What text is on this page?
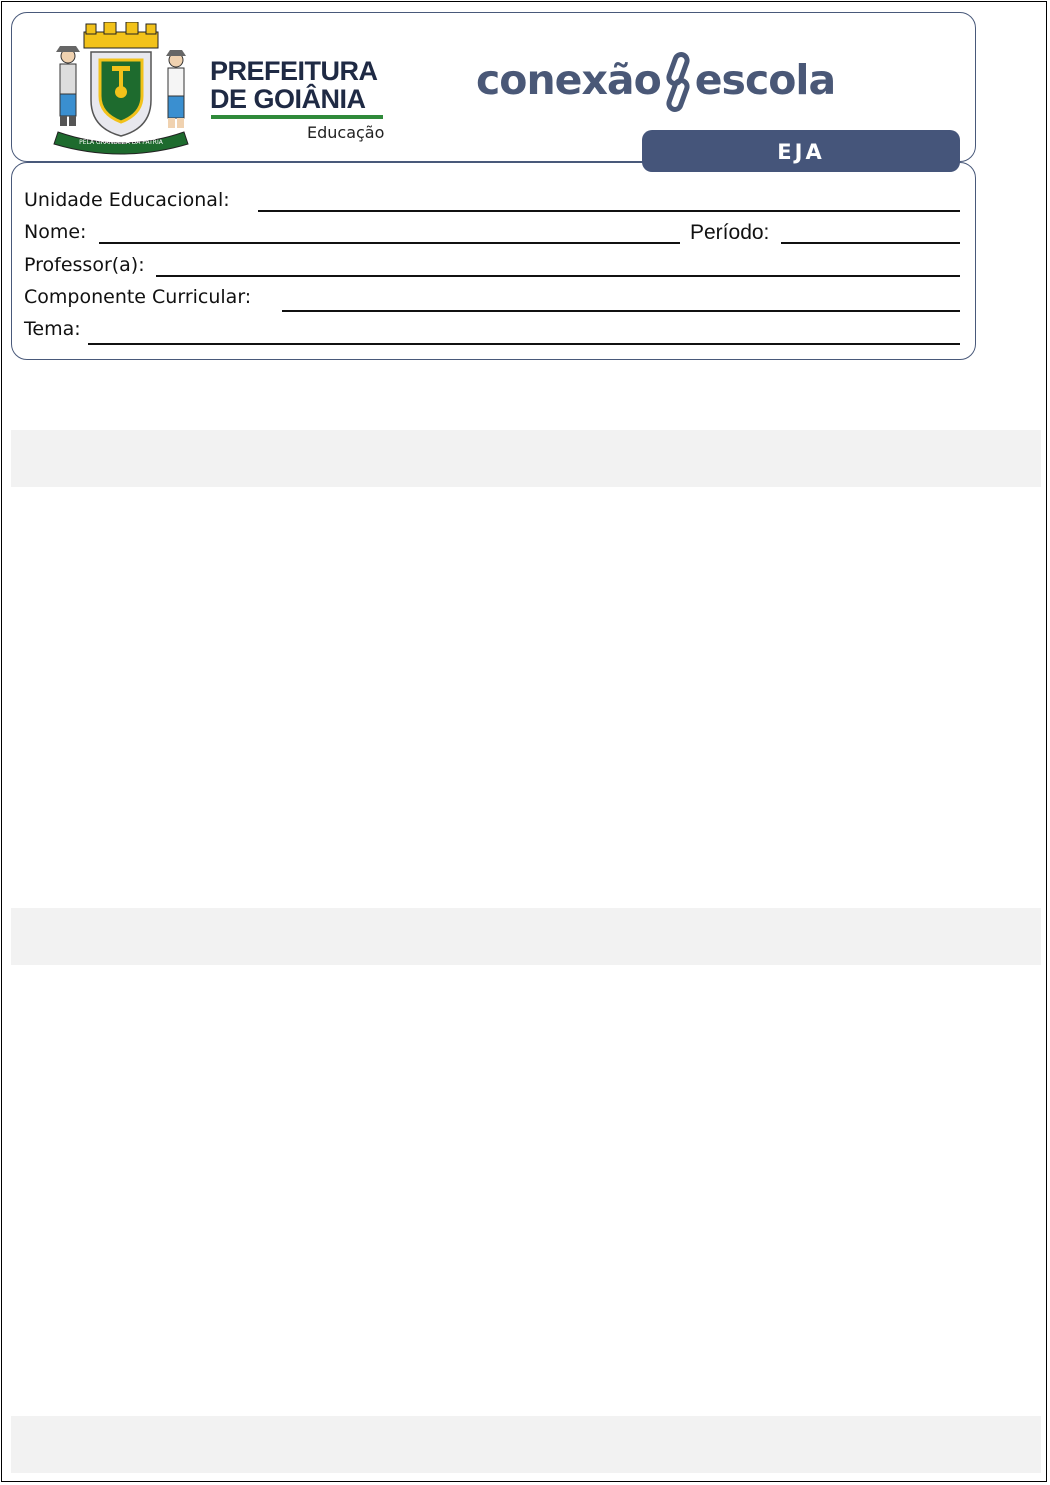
PELA GRANDEZA DA PÁTRIA
PREFEITURA
DE GOIÂNIA
Educação
conexão escola
EJA
Unidade Educacional:
Nome:	Período:
Professor(a):
Componente Curricular:
Tema:
